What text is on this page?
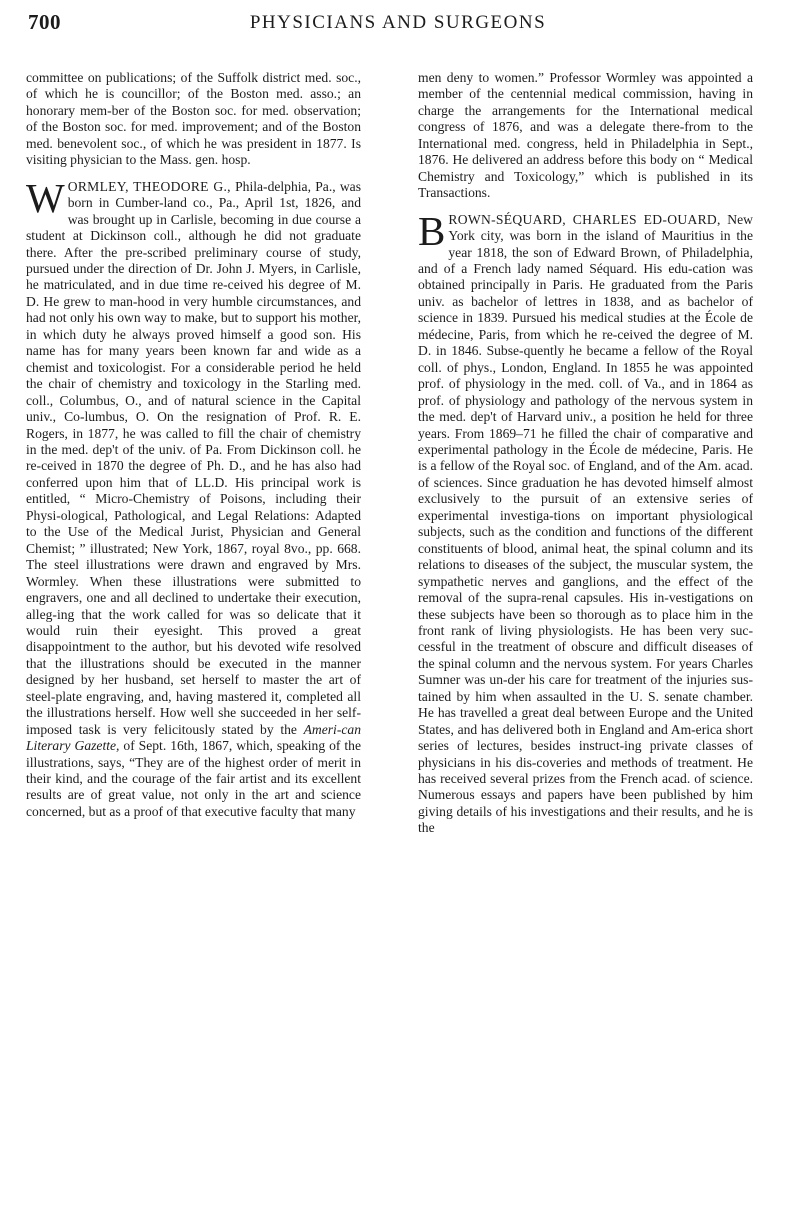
700	PHYSICIANS AND SURGEONS

committee on publications; of the Suffolk district med. soc., of which he is councillor; of the Boston med. asso.; an honorary mem-ber of the Boston soc. for med. observation; of the Boston soc. for med. improvement; and of the Boston med. benevolent soc., of which he was president in 1877. Is visiting physician to the Mass. gen. hosp.

WORMLEY, THEODORE G., Phila-delphia, Pa., was born in Cumber-land co., Pa., April 1st, 1826, and was brought up in Carlisle, becoming in due course a student at Dickinson coll., although he did not graduate there. After the pre-scribed preliminary course of study, pursued under the direction of Dr. John J. Myers, in Carlisle, he matriculated, and in due time re-ceived his degree of M. D. He grew to man-hood in very humble circumstances, and had not only his own way to make, but to support his mother, in which duty he always proved himself a good son. His name has for many years been known far and wide as a chemist and toxicologist. For a considerable period he held the chair of chemistry and toxicology in the Starling med. coll., Columbus, O., and of natural science in the Capital univ., Co-lumbus, O. On the resignation of Prof. R. E. Rogers, in 1877, he was called to fill the chair of chemistry in the med. dep't of the univ. of Pa. From Dickinson coll. he re-ceived in 1870 the degree of Ph. D., and he has also had conferred upon him that of LL.D. His principal work is entitled, “ Micro-Chemistry of Poisons, including their Physi-ological, Pathological, and Legal Relations: Adapted to the Use of the Medical Jurist, Physician and General Chemist; ” illustrated; New York, 1867, royal 8vo., pp. 668. The steel illustrations were drawn and engraved by Mrs. Wormley. When these illustrations were submitted to engravers, one and all declined to undertake their execution, alleg-ing that the work called for was so delicate that it would ruin their eyesight. This proved a great disappointment to the author, but his devoted wife resolved that the illustrations should be executed in the manner designed by her husband, set herself to master the art of steel-plate engraving, and, having mastered it, completed all the illustrations herself. How well she succeeded in her self-imposed task is very felicitously stated by the Ameri-can Literary Gazette, of Sept. 16th, 1867, which, speaking of the illustrations, says, “They are of the highest order of merit in their kind, and the courage of the fair artist and its excellent results are of great value, not only in the art and science concerned, but as a proof of that executive faculty that many

men deny to women.” Professor Wormley was appointed a member of the centennial medical commission, having in charge the arrangements for the International medical congress of 1876, and was a delegate there-from to the International med. congress, held in Philadelphia in Sept., 1876. He delivered an address before this body on “ Medical Chemistry and Toxicology,” which is published in its Transactions.

BROWN-SÉQUARD, CHARLES ED-OUARD, New York city, was born in the island of Mauritius in the year 1818, the son of Edward Brown, of Philadelphia, and of a French lady named Séquard. His edu-cation was obtained principally in Paris. He graduated from the Paris univ. as bachelor of lettres in 1838, and as bachelor of science in 1839. Pursued his medical studies at the École de médecine, Paris, from which he re-ceived the degree of M. D. in 1846. Subse-quently he became a fellow of the Royal coll. of phys., London, England. In 1855 he was appointed prof. of physiology in the med. coll. of Va., and in 1864 as prof. of physiology and pathology of the nervous system in the med. dep't of Harvard univ., a position he held for three years. From 1869–71 he filled the chair of comparative and experimental pathology in the École de médecine, Paris. He is a fellow of the Royal soc. of England, and of the Am. acad. of sciences. Since graduation he has devoted himself almost exclusively to the pursuit of an extensive series of experimental investiga-tions on important physiological subjects, such as the condition and functions of the different constituents of blood, animal heat, the spinal column and its relations to diseases of the subject, the muscular system, the sympathetic nerves and ganglions, and the effect of the removal of the supra-renal capsules. His in-vestigations on these subjects have been so thorough as to place him in the front rank of living physiologists. He has been very suc-cessful in the treatment of obscure and difficult diseases of the spinal column and the nervous system. For years Charles Sumner was un-der his care for treatment of the injuries sus-tained by him when assaulted in the U. S. senate chamber. He has travelled a great deal between Europe and the United States, and has delivered both in England and Am-erica short series of lectures, besides instruct-ing private classes of physicians in his dis-coveries and methods of treatment. He has received several prizes from the French acad. of science. Numerous essays and papers have been published by him giving details of his investigations and their results, and he is the
